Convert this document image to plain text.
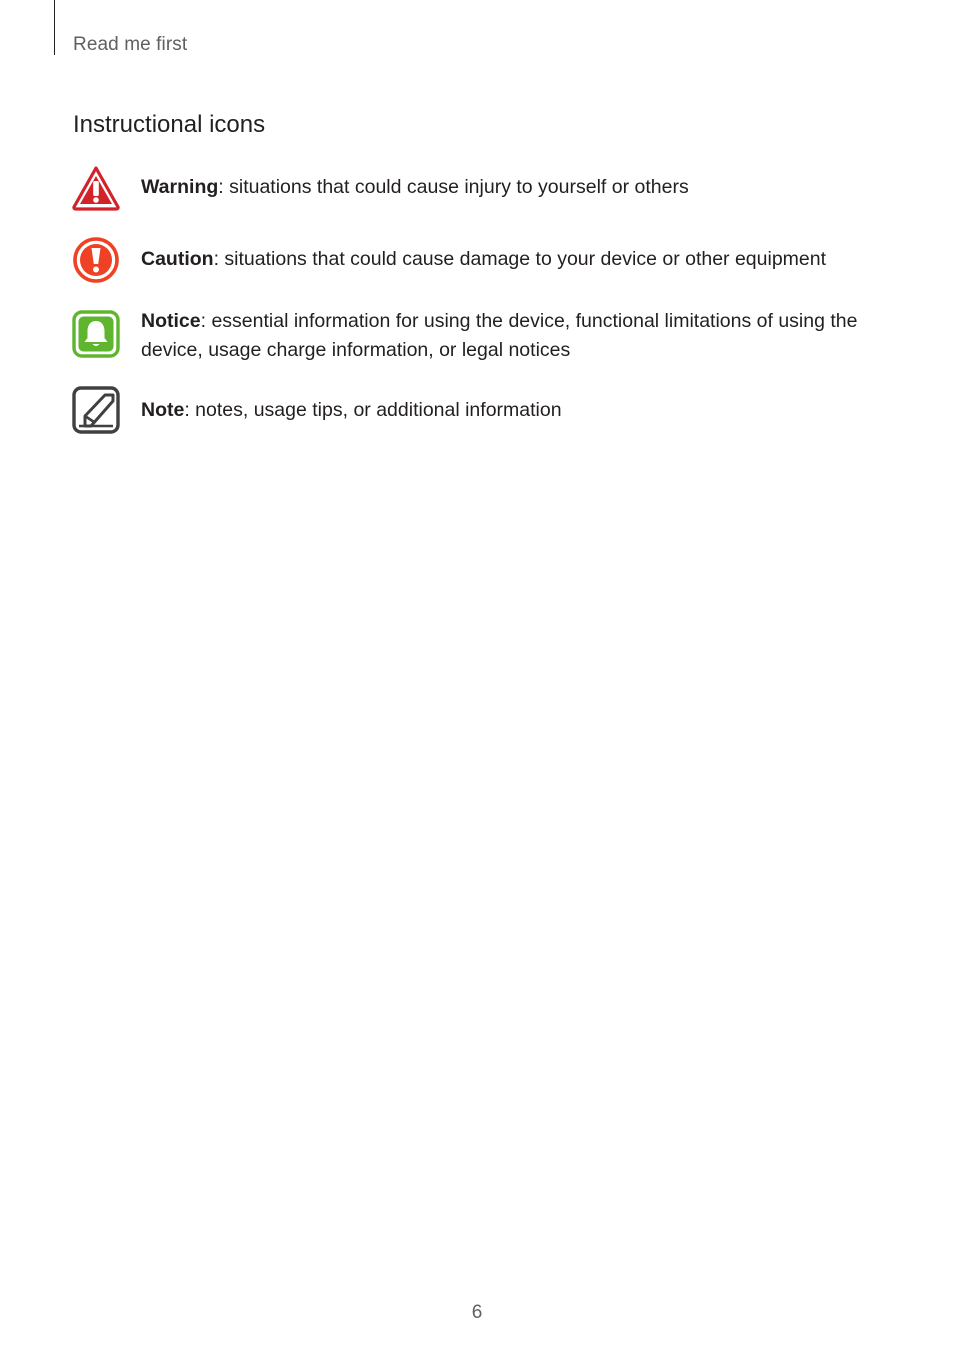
Read me first
Instructional icons
Warning: situations that could cause injury to yourself or others
Caution: situations that could cause damage to your device or other equipment
Notice: essential information for using the device, functional limitations of using the device, usage charge information, or legal notices
Note: notes, usage tips, or additional information
6
